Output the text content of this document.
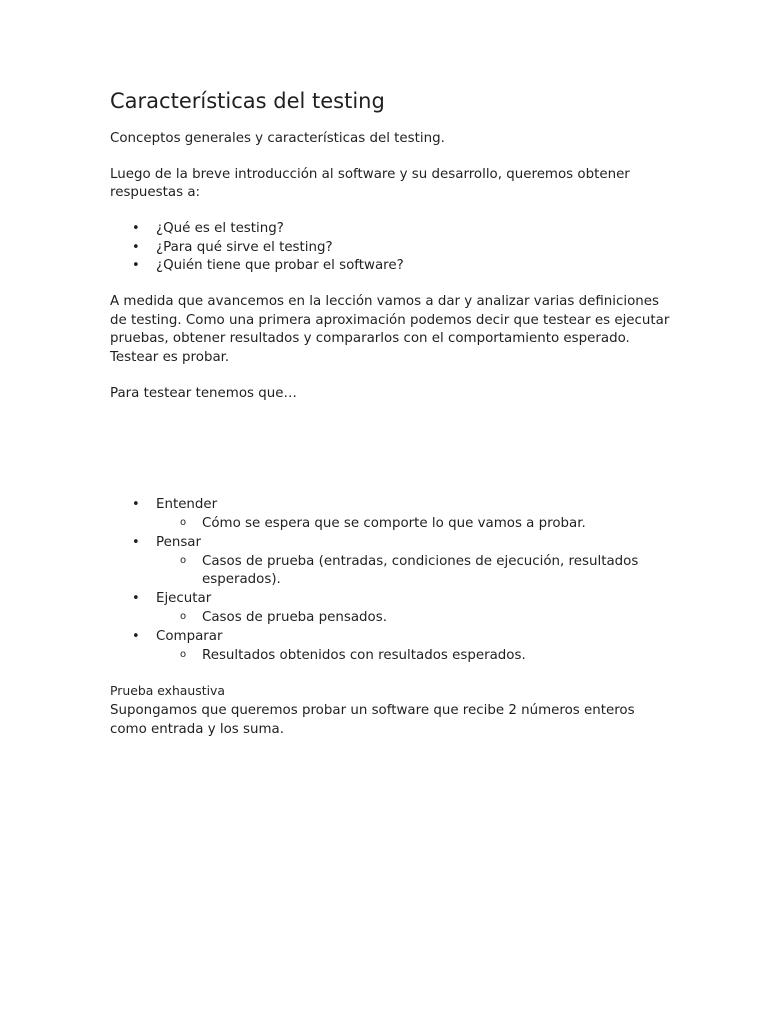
Características del testing

Conceptos generales y características del testing.

Luego de la breve introducción al software y su desarrollo, queremos obtener respuestas a:

• ¿Qué es el testing?
• ¿Para qué sirve el testing?
• ¿Quién tiene que probar el software?

A medida que avancemos en la lección vamos a dar y analizar varias definiciones de testing. Como una primera aproximación podemos decir que testear es ejecutar pruebas, obtener resultados y compararlos con el comportamiento esperado. Testear es probar.

Para testear tenemos que…

• Entender
o Cómo se espera que se comporte lo que vamos a probar.
• Pensar
o Casos de prueba (entradas, condiciones de ejecución, resultados esperados).
• Ejecutar
o Casos de prueba pensados.
• Comparar
o Resultados obtenidos con resultados esperados.
Prueba exhaustiva

Supongamos que queremos probar un software que recibe 2 números enteros como entrada y los suma.
